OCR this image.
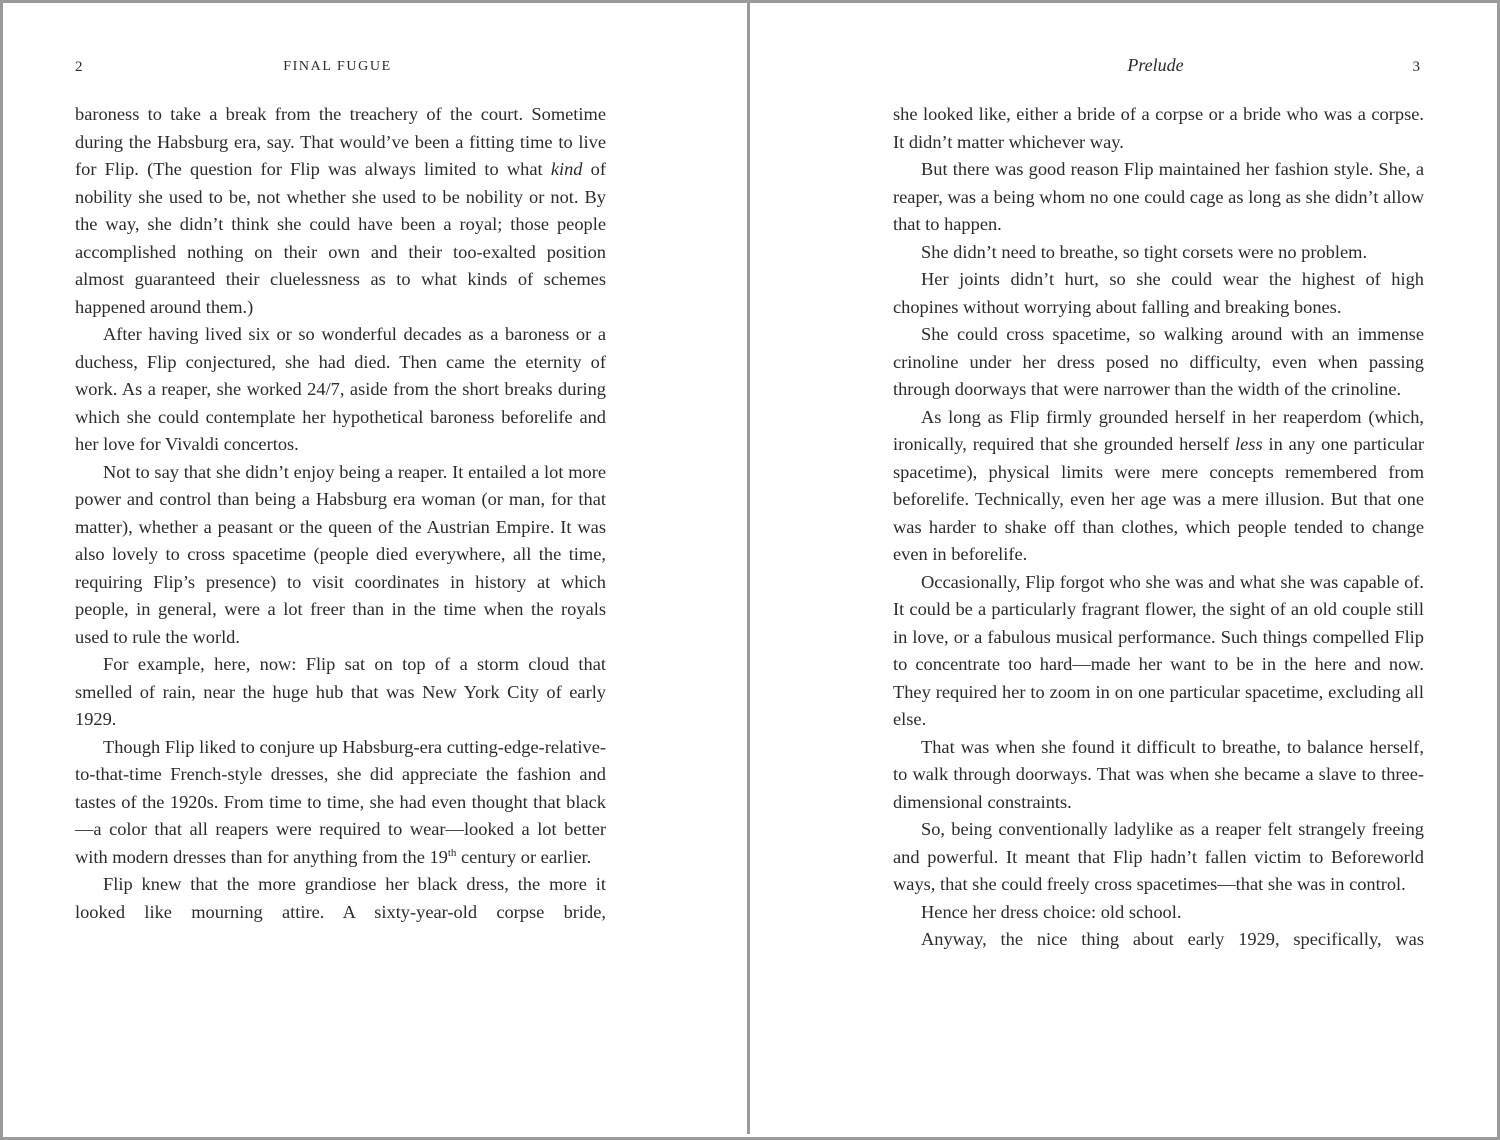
2	FINAL FUGUE

baroness to take a break from the treachery of the court. Sometime during the Habsburg era, say. That would’ve been a fitting time to live for Flip. (The question for Flip was always limited to what kind of nobility she used to be, not whether she used to be nobility or not. By the way, she didn’t think she could have been a royal; those people accomplished nothing on their own and their too-exalted position almost guaranteed their cluelessness as to what kinds of schemes happened around them.)

After having lived six or so wonderful decades as a baroness or a duchess, Flip conjectured, she had died. Then came the eternity of work. As a reaper, she worked 24/7, aside from the short breaks during which she could contemplate her hypothetical baroness beforelife and her love for Vivaldi concertos.

Not to say that she didn’t enjoy being a reaper. It entailed a lot more power and control than being a Habsburg era woman (or man, for that matter), whether a peasant or the queen of the Austrian Empire. It was also lovely to cross spacetime (people died everywhere, all the time, requiring Flip’s presence) to visit coordinates in history at which people, in general, were a lot freer than in the time when the royals used to rule the world.

For example, here, now: Flip sat on top of a storm cloud that smelled of rain, near the huge hub that was New York City of early 1929.

Though Flip liked to conjure up Habsburg-era cutting-edge-relative-to-that-time French-style dresses, she did appreciate the fashion and tastes of the 1920s. From time to time, she had even thought that black—a color that all reapers were required to wear—looked a lot better with modern dresses than for anything from the 19th century or earlier.

Flip knew that the more grandiose her black dress, the more it looked like mourning attire. A sixty-year-old corpse bride,

Prelude	3

she looked like, either a bride of a corpse or a bride who was a corpse. It didn’t matter whichever way.

But there was good reason Flip maintained her fashion style. She, a reaper, was a being whom no one could cage as long as she didn’t allow that to happen.

She didn’t need to breathe, so tight corsets were no problem.

Her joints didn’t hurt, so she could wear the highest of high chopines without worrying about falling and breaking bones.

She could cross spacetime, so walking around with an immense crinoline under her dress posed no difficulty, even when passing through doorways that were narrower than the width of the crinoline.

As long as Flip firmly grounded herself in her reaperdom (which, ironically, required that she grounded herself less in any one particular spacetime), physical limits were mere concepts remembered from beforelife. Technically, even her age was a mere illusion. But that one was harder to shake off than clothes, which people tended to change even in beforelife.

Occasionally, Flip forgot who she was and what she was capable of. It could be a particularly fragrant flower, the sight of an old couple still in love, or a fabulous musical performance. Such things compelled Flip to concentrate too hard—made her want to be in the here and now. They required her to zoom in on one particular spacetime, excluding all else.

That was when she found it difficult to breathe, to balance herself, to walk through doorways. That was when she became a slave to three-dimensional constraints.

So, being conventionally ladylike as a reaper felt strangely freeing and powerful. It meant that Flip hadn’t fallen victim to Beforeworld ways, that she could freely cross spacetimes—that she was in control.

Hence her dress choice: old school.

Anyway, the nice thing about early 1929, specifically, was
